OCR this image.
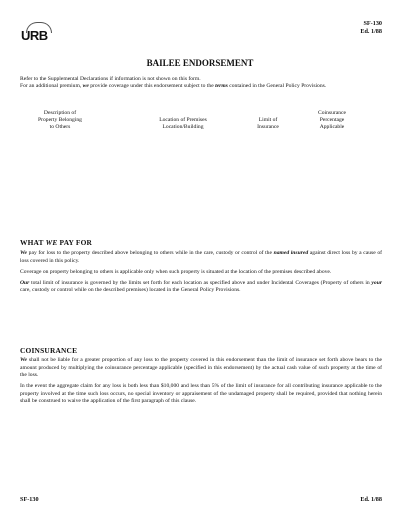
URB
SF-130
Ed. 1/88
BAILEE ENDORSEMENT

Refer to the Supplemental Declarations if information is not shown on this form.

For an additional premium, we provide coverage under this endorsement subject to the terms contained in the General Policy Provisions.

Description of
Property Belonging
to Others
Location of Premises
Location/Building
Limit of
Insurance
Coinsurance
Percentage
Applicable
WHAT WE PAY FOR

We pay for loss to the property described above belonging to others while in the care, custody or control of the named insured against direct loss by a cause of loss covered in this policy.

Coverage on property belonging to others is applicable only when such property is situated at the location of the premises described above.

Our total limit of insurance is governed by the limits set forth for each location as specified above and under Incidental Coverages (Property of others in your care, custody or control while on the described premises) located in the General Policy Provisions.

COINSURANCE

We shall not be liable for a greater proportion of any loss to the property covered in this endorsement than the limit of insurance set forth above bears to the amount produced by multiplying the coinsurance percentage applicable (specified in this endorsement) by the actual cash value of such property at the time of the loss.

In the event the aggregate claim for any loss is both less than $10,000 and less than 5% of the limit of insurance for all contributing insurance applicable to the property involved at the time such loss occurs, no special inventory or appraisement of the undamaged property shall be required, provided that nothing herein shall be construed to waive the application of the first paragraph of this clause.

SF-130	Ed. 1/88
